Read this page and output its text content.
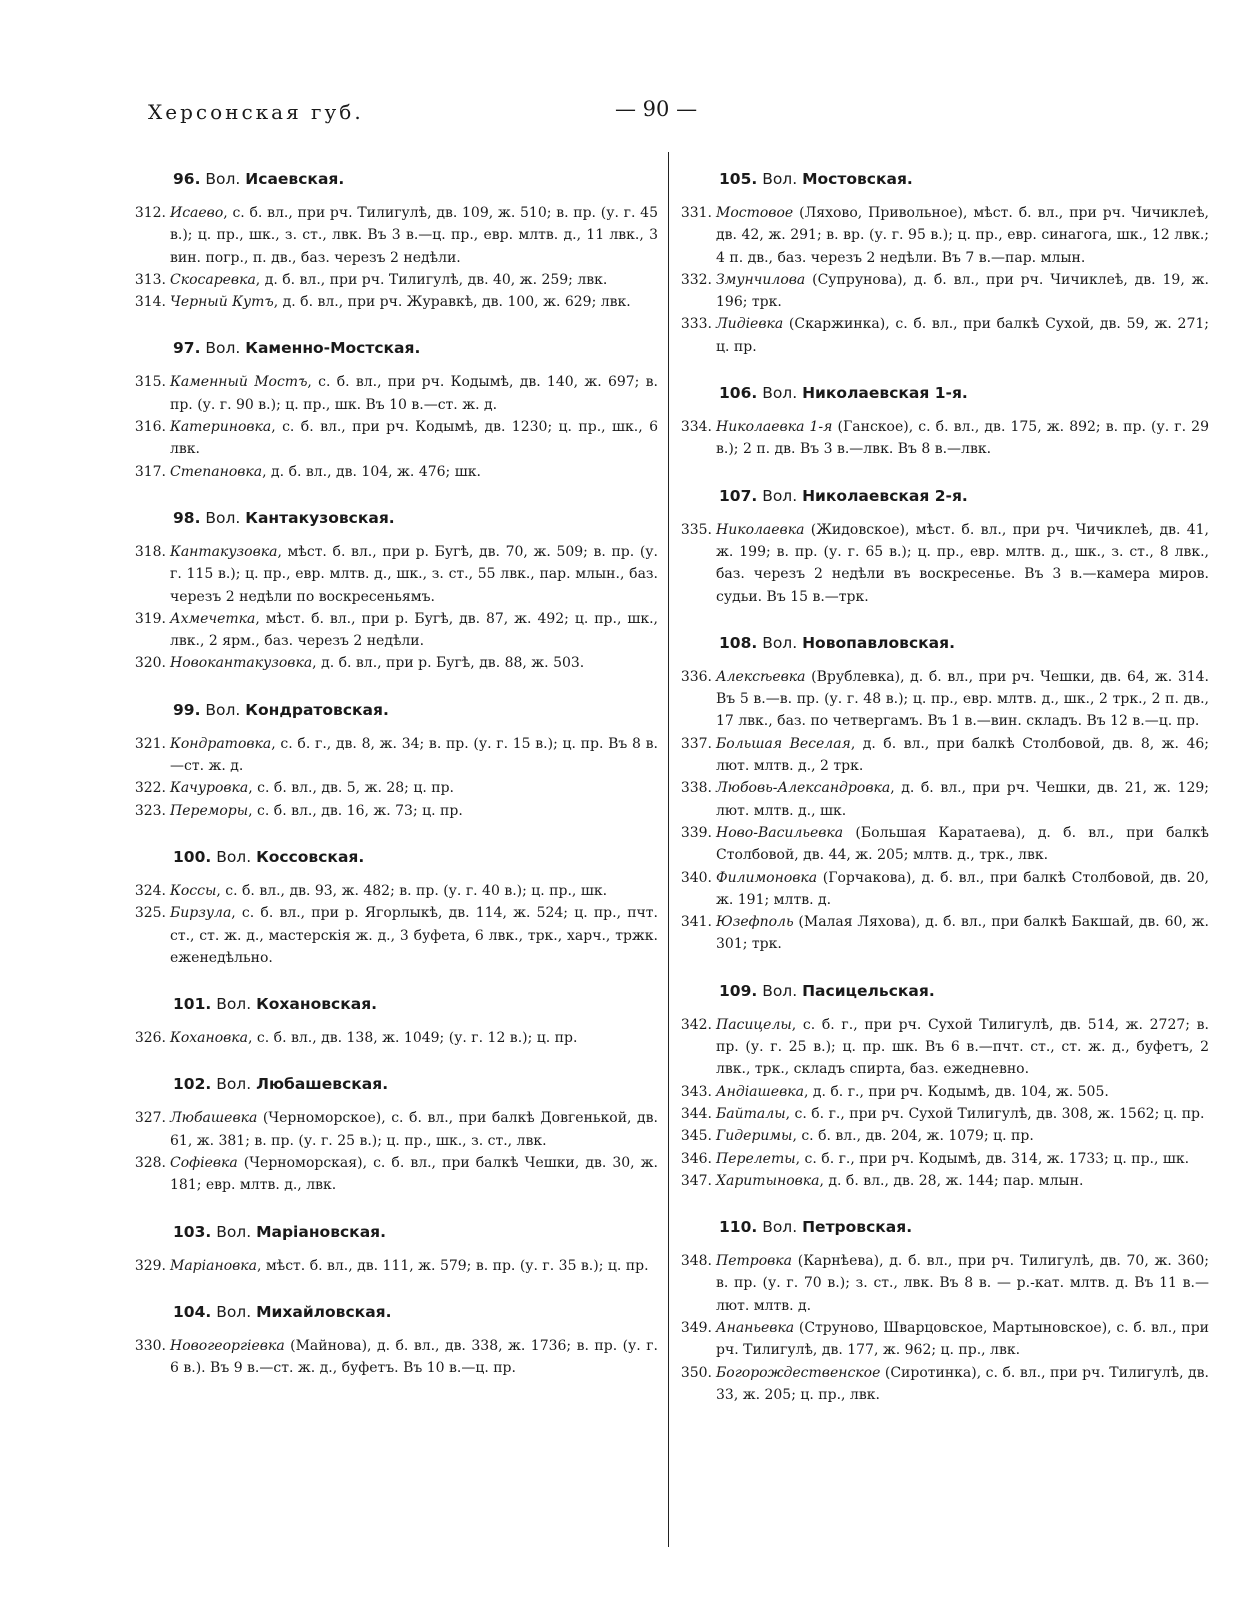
Херсонская губ.	— 90 —
96. Вол. Исаевская.

312. Исаево, с. б. вл., при рч. Тилигулѣ, дв. 109, ж. 510; в. пр. (у. г. 45 в.); ц. пр., шк., з. ст., лвк. Въ 3 в.—ц. пр., евр. млтв. д., 11 лвк., 3 вин. погр., п. дв., баз. черезъ 2 недѣли.

313. Скосаревка, д. б. вл., при рч. Тилигулѣ, дв. 40, ж. 259; лвк.

314. Черный Кутъ, д. б. вл., при рч. Журавкѣ, дв. 100, ж. 629; лвк.

97. Вол. Каменно-Мостская.

315. Каменный Мостъ, с. б. вл., при рч. Кодымѣ, дв. 140, ж. 697; в. пр. (у. г. 90 в.); ц. пр., шк. Въ 10 в.—ст. ж. д.

316. Катериновка, с. б. вл., при рч. Кодымѣ, дв. 1230; ц. пр., шк., 6 лвк.

317. Степановка, д. б. вл., дв. 104, ж. 476; шк.

98. Вол. Кантакузовская.

318. Кантакузовка, мѣст. б. вл., при р. Бугѣ, дв. 70, ж. 509; в. пр. (у. г. 115 в.); ц. пр., евр. млтв. д., шк., з. ст., 55 лвк., пар. млын., баз. черезъ 2 недѣли по воскресеньямъ.

319. Ахмечетка, мѣст. б. вл., при р. Бугѣ, дв. 87, ж. 492; ц. пр., шк., лвк., 2 ярм., баз. черезъ 2 недѣли.

320. Новокантакузовка, д. б. вл., при р. Бугѣ, дв. 88, ж. 503.

99. Вол. Кондратовская.

321. Кондратовка, с. б. г., дв. 8, ж. 34; в. пр. (у. г. 15 в.); ц. пр. Въ 8 в.—ст. ж. д.

322. Качуровка, с. б. вл., дв. 5, ж. 28; ц. пр.

323. Переморы, с. б. вл., дв. 16, ж. 73; ц. пр.

100. Вол. Коссовская.

324. Коссы, с. б. вл., дв. 93, ж. 482; в. пр. (у. г. 40 в.); ц. пр., шк.

325. Бирзула, с. б. вл., при р. Ягорлыкѣ, дв. 114, ж. 524; ц. пр., пчт. ст., ст. ж. д., мастерскія ж. д., 3 буфета, 6 лвк., трк., харч., тржк. еженедѣльно.

101. Вол. Кохановская.

326. Кохановка, с. б. вл., дв. 138, ж. 1049; (у. г. 12 в.); ц. пр.

102. Вол. Любашевская.

327. Любашевка (Черноморское), с. б. вл., при балкѣ Довгенькой, дв. 61, ж. 381; в. пр. (у. г. 25 в.); ц. пр., шк., з. ст., лвк.

328. Софіевка (Черноморская), с. б. вл., при балкѣ Чешки, дв. 30, ж. 181; евр. млтв. д., лвк.

103. Вол. Маріановская.

329. Маріановка, мѣст. б. вл., дв. 111, ж. 579; в. пр. (у. г. 35 в.); ц. пр.

104. Вол. Михайловская.

330. Новогеоргіевка (Майнова), д. б. вл., дв. 338, ж. 1736; в. пр. (у. г. 6 в.). Въ 9 в.—ст. ж. д., буфетъ. Въ 10 в.—ц. пр.

105. Вол. Мостовская.

331. Мостовое (Ляхово, Привольное), мѣст. б. вл., при рч. Чичиклеѣ, дв. 42, ж. 291; в. вр. (у. г. 95 в.); ц. пр., евр. синагога, шк., 12 лвк.; 4 п. дв., баз. черезъ 2 недѣли. Въ 7 в.—пар. млын.

332. Змунчилова (Супрунова), д. б. вл., при рч. Чичиклеѣ, дв. 19, ж. 196; трк.

333. Лидіевка (Скаржинка), с. б. вл., при балкѣ Сухой, дв. 59, ж. 271; ц. пр.

106. Вол. Николаевская 1-я.

334. Николаевка 1-я (Ганское), с. б. вл., дв. 175, ж. 892; в. пр. (у. г. 29 в.); 2 п. дв. Въ 3 в.—лвк. Въ 8 в.—лвк.

107. Вол. Николаевская 2-я.

335. Николаевка (Жидовское), мѣст. б. вл., при рч. Чичиклеѣ, дв. 41, ж. 199; в. пр. (у. г. 65 в.); ц. пр., евр. млтв. д., шк., з. ст., 8 лвк., баз. черезъ 2 недѣли въ воскресенье. Въ 3 в.—камера миров. судьи. Въ 15 в.—трк.

108. Вол. Новопавловская.

336. Алексѣевка (Врублевка), д. б. вл., при рч. Чешки, дв. 64, ж. 314. Въ 5 в.—в. пр. (у. г. 48 в.); ц. пр., евр. млтв. д., шк., 2 трк., 2 п. дв., 17 лвк., баз. по четвергамъ. Въ 1 в.—вин. складъ. Въ 12 в.—ц. пр.

337. Большая Веселая, д. б. вл., при балкѣ Столбовой, дв. 8, ж. 46; лют. млтв. д., 2 трк.

338. Любовь-Александровка, д. б. вл., при рч. Чешки, дв. 21, ж. 129; лют. млтв. д., шк.

339. Ново-Васильевка (Большая Каратаева), д. б. вл., при балкѣ Столбовой, дв. 44, ж. 205; млтв. д., трк., лвк.

340. Филимоновка (Горчакова), д. б. вл., при балкѣ Столбовой, дв. 20, ж. 191; млтв. д.

341. Юзефполь (Малая Ляхова), д. б. вл., при балкѣ Бакшай, дв. 60, ж. 301; трк.

109. Вол. Пасицельская.

342. Пасицелы, с. б. г., при рч. Сухой Тилигулѣ, дв. 514, ж. 2727; в. пр. (у. г. 25 в.); ц. пр. шк. Въ 6 в.—пчт. ст., ст. ж. д., буфетъ, 2 лвк., трк., складъ спирта, баз. ежедневно.

343. Андіашевка, д. б. г., при рч. Кодымѣ, дв. 104, ж. 505.

344. Байталы, с. б. г., при рч. Сухой Тилигулѣ, дв. 308, ж. 1562; ц. пр.

345. Гидеримы, с. б. вл., дв. 204, ж. 1079; ц. пр.

346. Перелеты, с. б. г., при рч. Кодымѣ, дв. 314, ж. 1733; ц. пр., шк.

347. Харитыновка, д. б. вл., дв. 28, ж. 144; пар. млын.

110. Вол. Петровская.

348. Петровка (Карнѣева), д. б. вл., при рч. Тилигулѣ, дв. 70, ж. 360; в. пр. (у. г. 70 в.); з. ст., лвк. Въ 8 в. — р.-кат. млтв. д. Въ 11 в.—лют. млтв. д.

349. Ананьевка (Струново, Шварцовское, Мартыновское), с. б. вл., при рч. Тилигулѣ, дв. 177, ж. 962; ц. пр., лвк.

350. Богорождественское (Сиротинка), с. б. вл., при рч. Тилигулѣ, дв. 33, ж. 205; ц. пр., лвк.
